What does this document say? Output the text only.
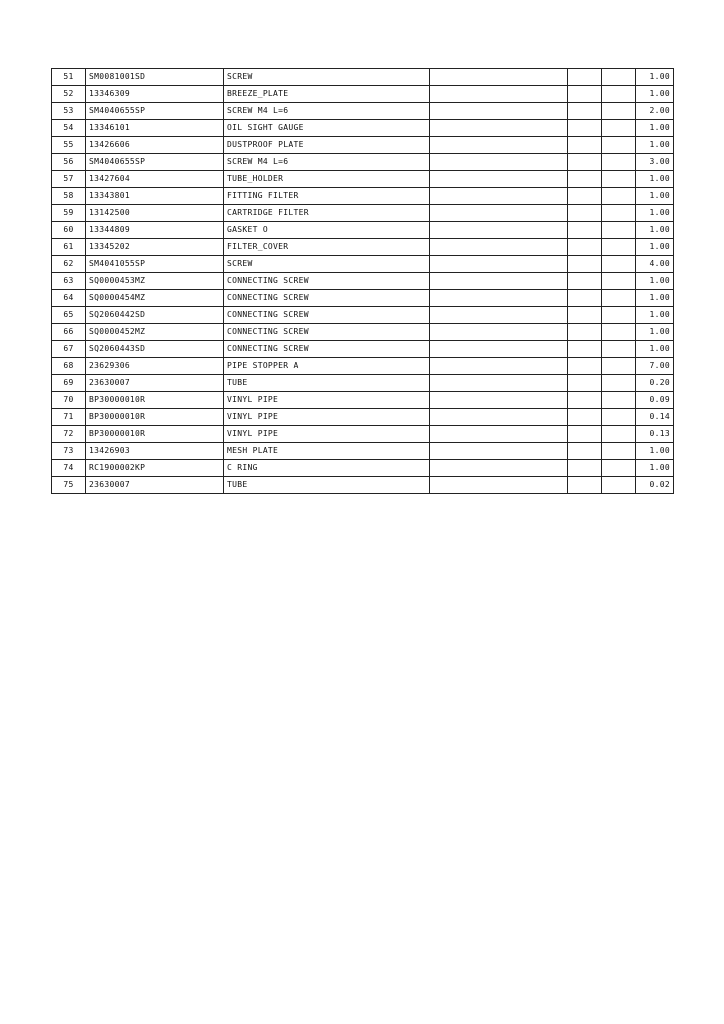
51	SM0081001SD	SCREW				1.00
52	13346309	BREEZE_PLATE				1.00
53	SM4040655SP	SCREW M4 L=6				2.00
54	13346101	OIL SIGHT GAUGE				1.00
55	13426606	DUSTPROOF PLATE				1.00
56	SM4040655SP	SCREW M4 L=6				3.00
57	13427604	TUBE_HOLDER				1.00
58	13343801	FITTING FILTER				1.00
59	13142500	CARTRIDGE FILTER				1.00
60	13344809	GASKET O				1.00
61	13345202	FILTER_COVER				1.00
62	SM4041055SP	SCREW				4.00
63	SQ0000453MZ	CONNECTING SCREW				1.00
64	SQ0000454MZ	CONNECTING SCREW				1.00
65	SQ2060442SD	CONNECTING SCREW				1.00
66	SQ0000452MZ	CONNECTING SCREW				1.00
67	SQ2060443SD	CONNECTING SCREW				1.00
68	23629306	PIPE STOPPER A				7.00
69	23630007	TUBE				0.20
70	BP30000010R	VINYL PIPE				0.09
71	BP30000010R	VINYL PIPE				0.14
72	BP30000010R	VINYL PIPE				0.13
73	13426903	MESH PLATE				1.00
74	RC1900002KP	C RING				1.00
75	23630007	TUBE				0.02
